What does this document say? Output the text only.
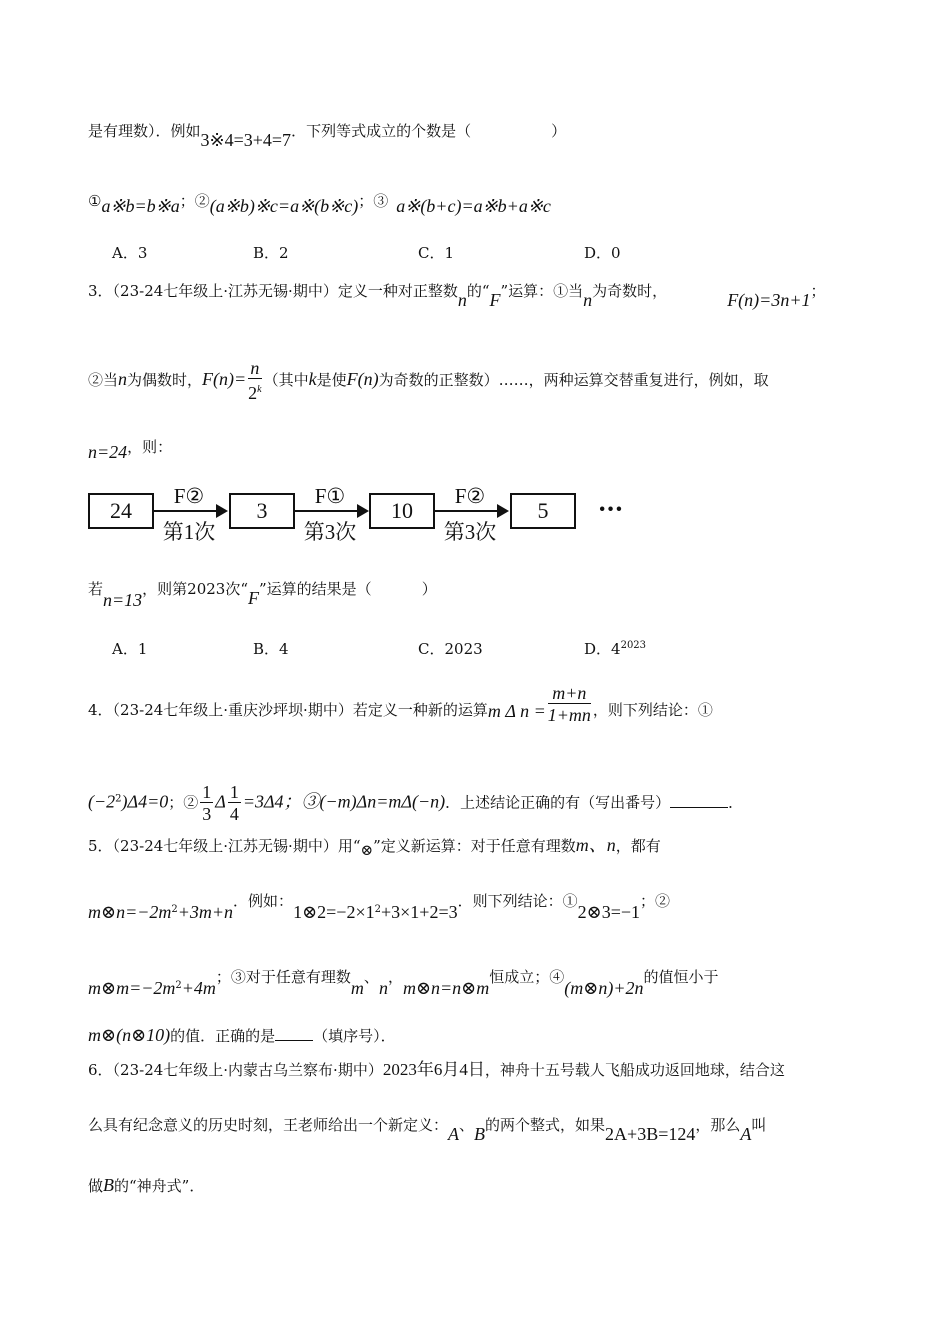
是有理数）．例如3※4=3+4=7．下列等式成立的个数是（	）
①a※b=b※a；②(a※b)※c=a※(b※c)；③ a※(b+c)=a※b+a※c
A．3	B．2	C．1	D．0
3．（23-24七年级上·江苏无锡·期中）定义一种对正整数n的“F”运算：①当n为奇数时，	F(n)=3n+1；
②当n为偶数时，$F(n)= \frac{n}{2^k}$ （其中k是使F(n)为奇数的正整数）……，两种运算交替重复进行，例如，取
n=24，则：
24	3	10	5
F②	F①	F②
第1次	第3次	第3次
···
若n=13，则第2023次“F”运算的结果是（	）
A．1	B．4	C．2023	D．$4^{2023}$
4．（23-24七年级上·重庆沙坪坝·期中）若定义一种新的运算m Δ $n = \frac{m+n}{1+mn}$ ，则下列结论：①
$(-2^2)\Delta 4=0$；② $\frac{1}{3}$ Δ $\frac{1}{4} =3\Delta 4$；③(−m)Δn=mΔ(−n)．上述结论正确的有（写出番号）	．
5．（23-24七年级上·江苏无锡·期中）用“⊗”定义新运算：对于任意有理数m、n，都有
$m\otimes n=-2m^2+3m+n$．例如：$1\otimes 2=-2\times 1^2+3\times 1+2=3$．则下列结论：①2⊗3=−1；②
$m\otimes m=-2m^2+4m$；③对于任意有理数m、n，m⊗n=n⊗m恒成立；④(m⊗n)+2n的值恒小于
m⊗(n⊗10)的值．正确的是	（填序号）．
6．（23-24七年级上·内蒙古乌兰察布·期中）2023年6月4日，神舟十五号载人飞船成功返回地球，结合这
么具有纪念意义的历史时刻，王老师给出一个新定义：A、B的两个整式，如果2A+3B=124，那么A叫
做B的“神舟式”．
